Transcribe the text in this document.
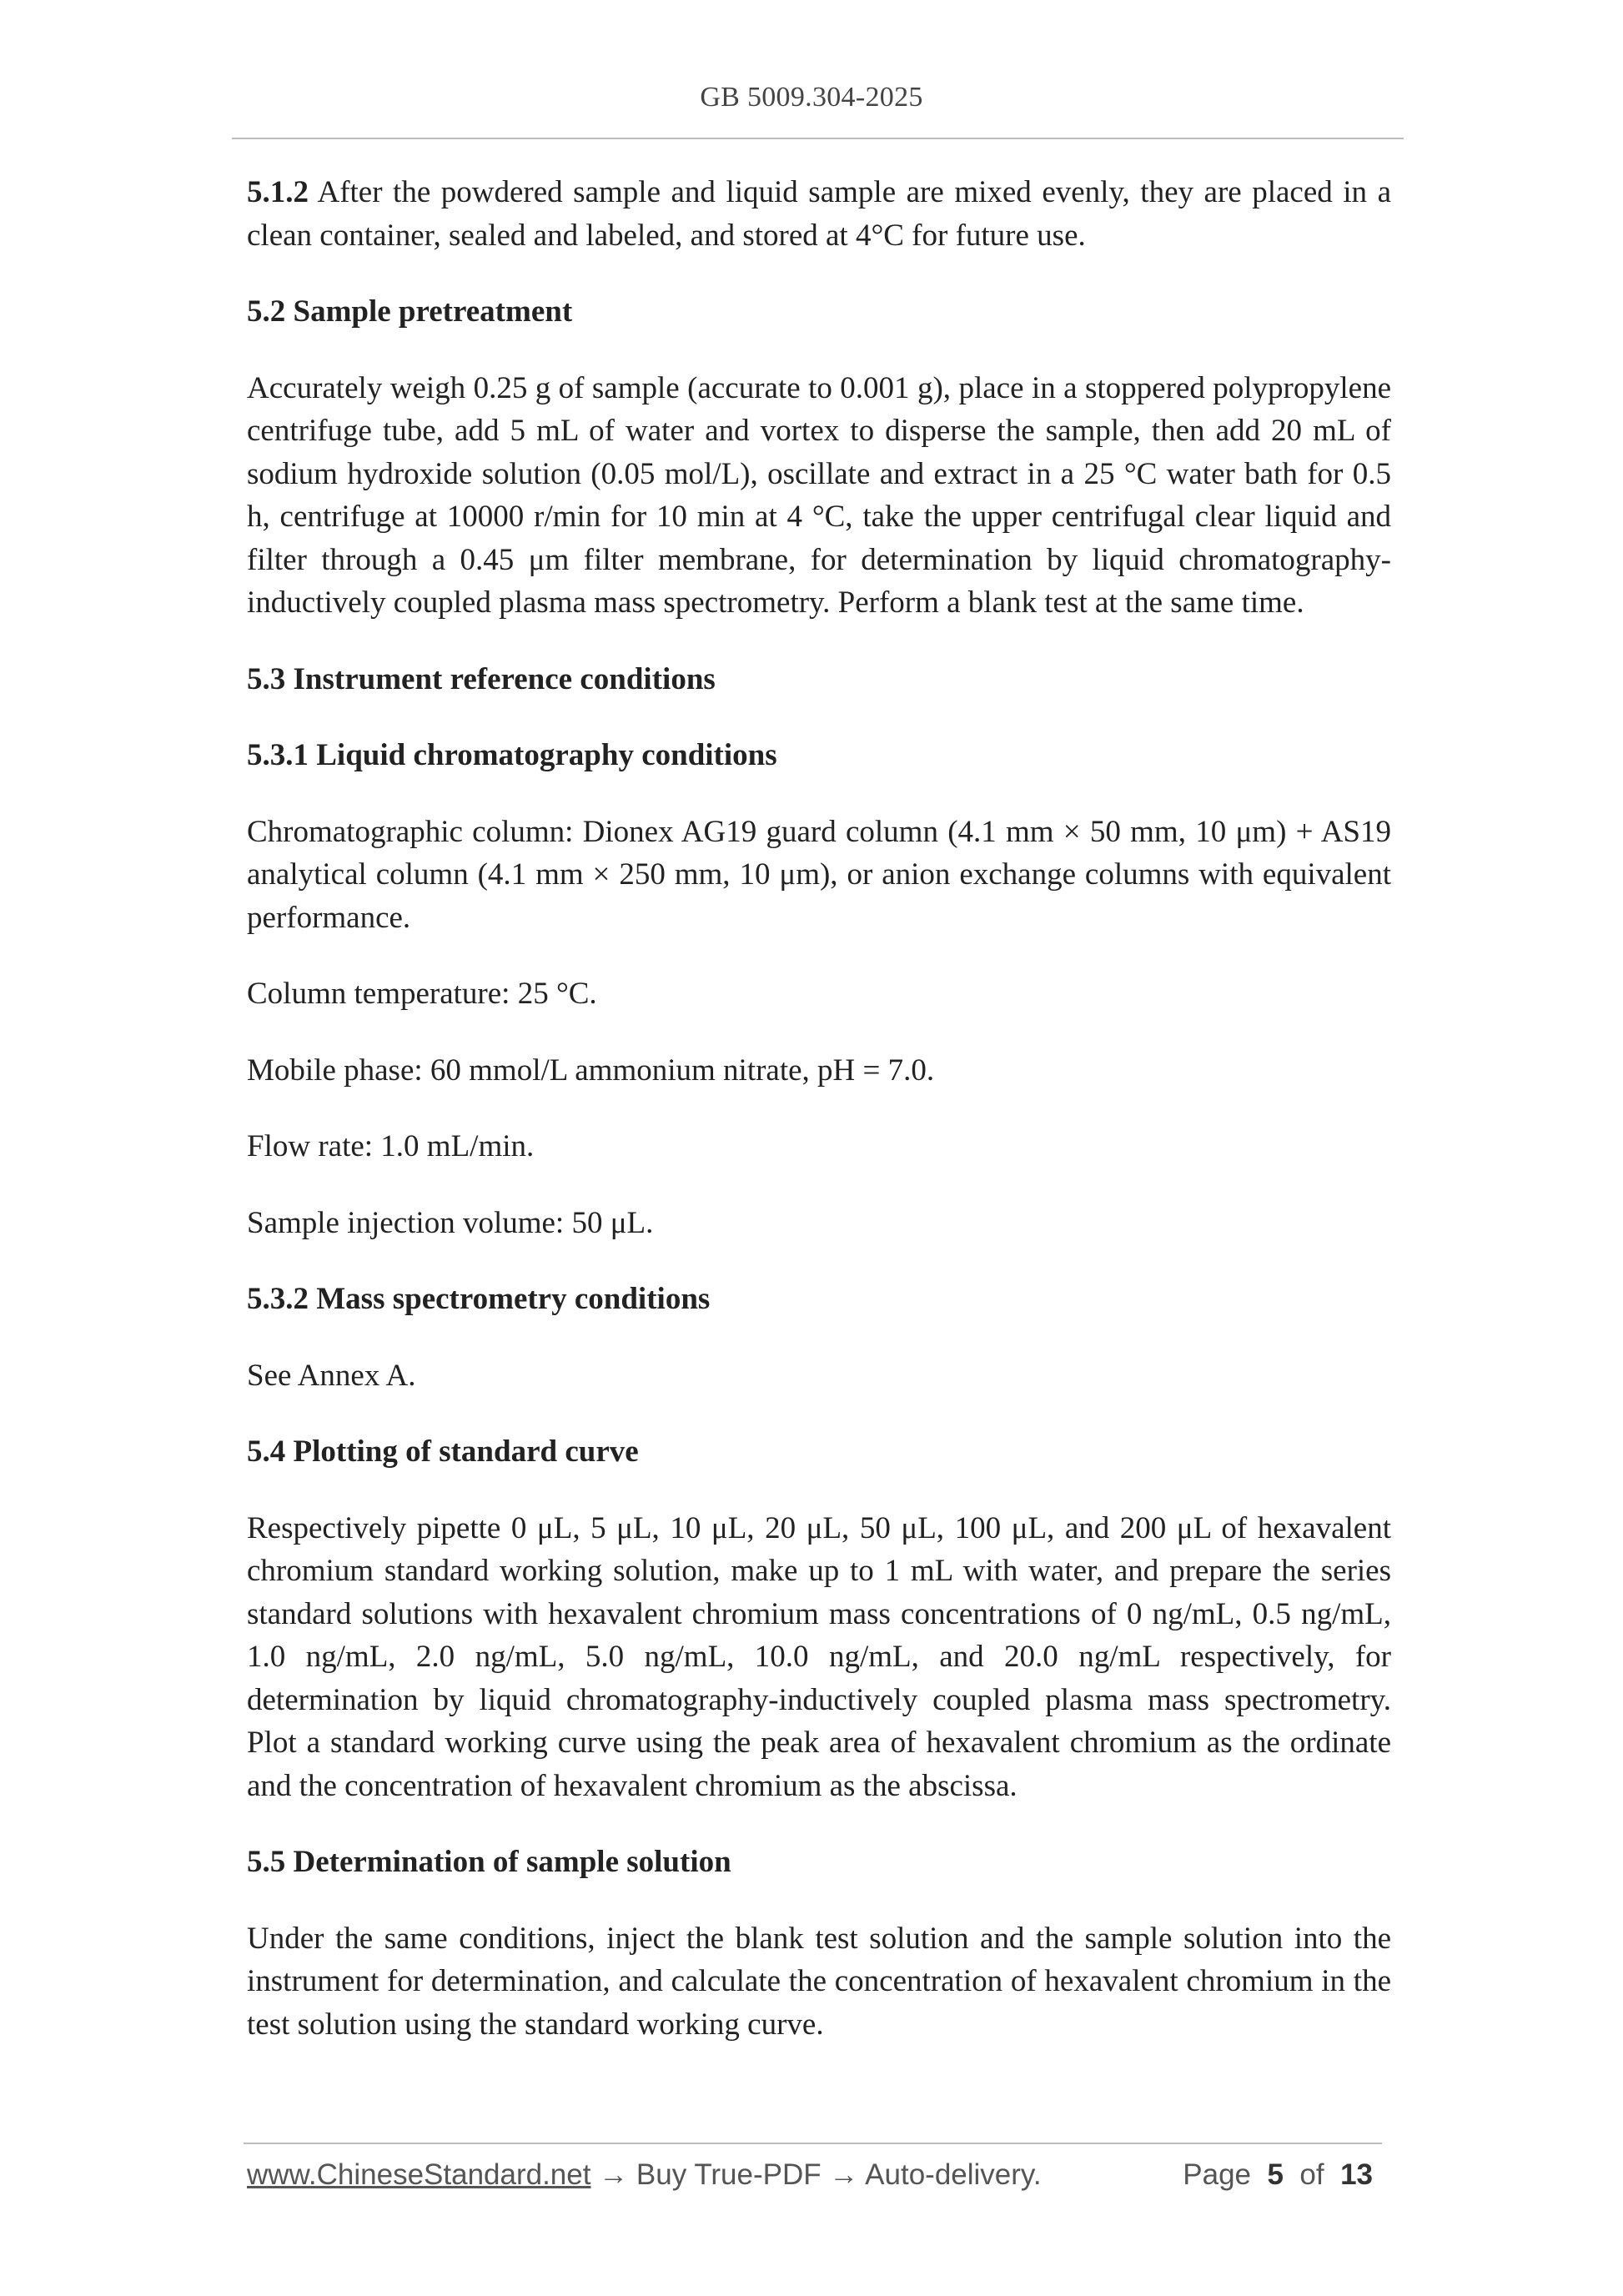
GB 5009.304-2025

5.1.2 After the powdered sample and liquid sample are mixed evenly, they are placed in a clean container, sealed and labeled, and stored at 4°C for future use.

5.2 Sample pretreatment

Accurately weigh 0.25 g of sample (accurate to 0.001 g), place in a stoppered polypropylene centrifuge tube, add 5 mL of water and vortex to disperse the sample, then add 20 mL of sodium hydroxide solution (0.05 mol/L), oscillate and extract in a 25 °C water bath for 0.5 h, centrifuge at 10000 r/min for 10 min at 4 °C, take the upper centrifugal clear liquid and filter through a 0.45 μm filter membrane, for determination by liquid chromatography-inductively coupled plasma mass spectrometry. Perform a blank test at the same time.

5.3 Instrument reference conditions
5.3.1 Liquid chromatography conditions

Chromatographic column: Dionex AG19 guard column (4.1 mm × 50 mm, 10 μm) + AS19 analytical column (4.1 mm × 250 mm, 10 μm), or anion exchange columns with equivalent performance.

Column temperature: 25 °C.

Mobile phase: 60 mmol/L ammonium nitrate, pH = 7.0.

Flow rate: 1.0 mL/min.

Sample injection volume: 50 μL.

5.3.2 Mass spectrometry conditions

See Annex A.

5.4 Plotting of standard curve

Respectively pipette 0 μL, 5 μL, 10 μL, 20 μL, 50 μL, 100 μL, and 200 μL of hexavalent chromium standard working solution, make up to 1 mL with water, and prepare the series standard solutions with hexavalent chromium mass concentrations of 0 ng/mL, 0.5 ng/mL, 1.0 ng/mL, 2.0 ng/mL, 5.0 ng/mL, 10.0 ng/mL, and 20.0 ng/mL respectively, for determination by liquid chromatography-inductively coupled plasma mass spectrometry. Plot a standard working curve using the peak area of hexavalent chromium as the ordinate and the concentration of hexavalent chromium as the abscissa.

5.5 Determination of sample solution

Under the same conditions, inject the blank test solution and the sample solution into the instrument for determination, and calculate the concentration of hexavalent chromium in the test solution using the standard working curve.

www.ChineseStandard.net → Buy True-PDF → Auto-delivery.	Page 5 of 13
